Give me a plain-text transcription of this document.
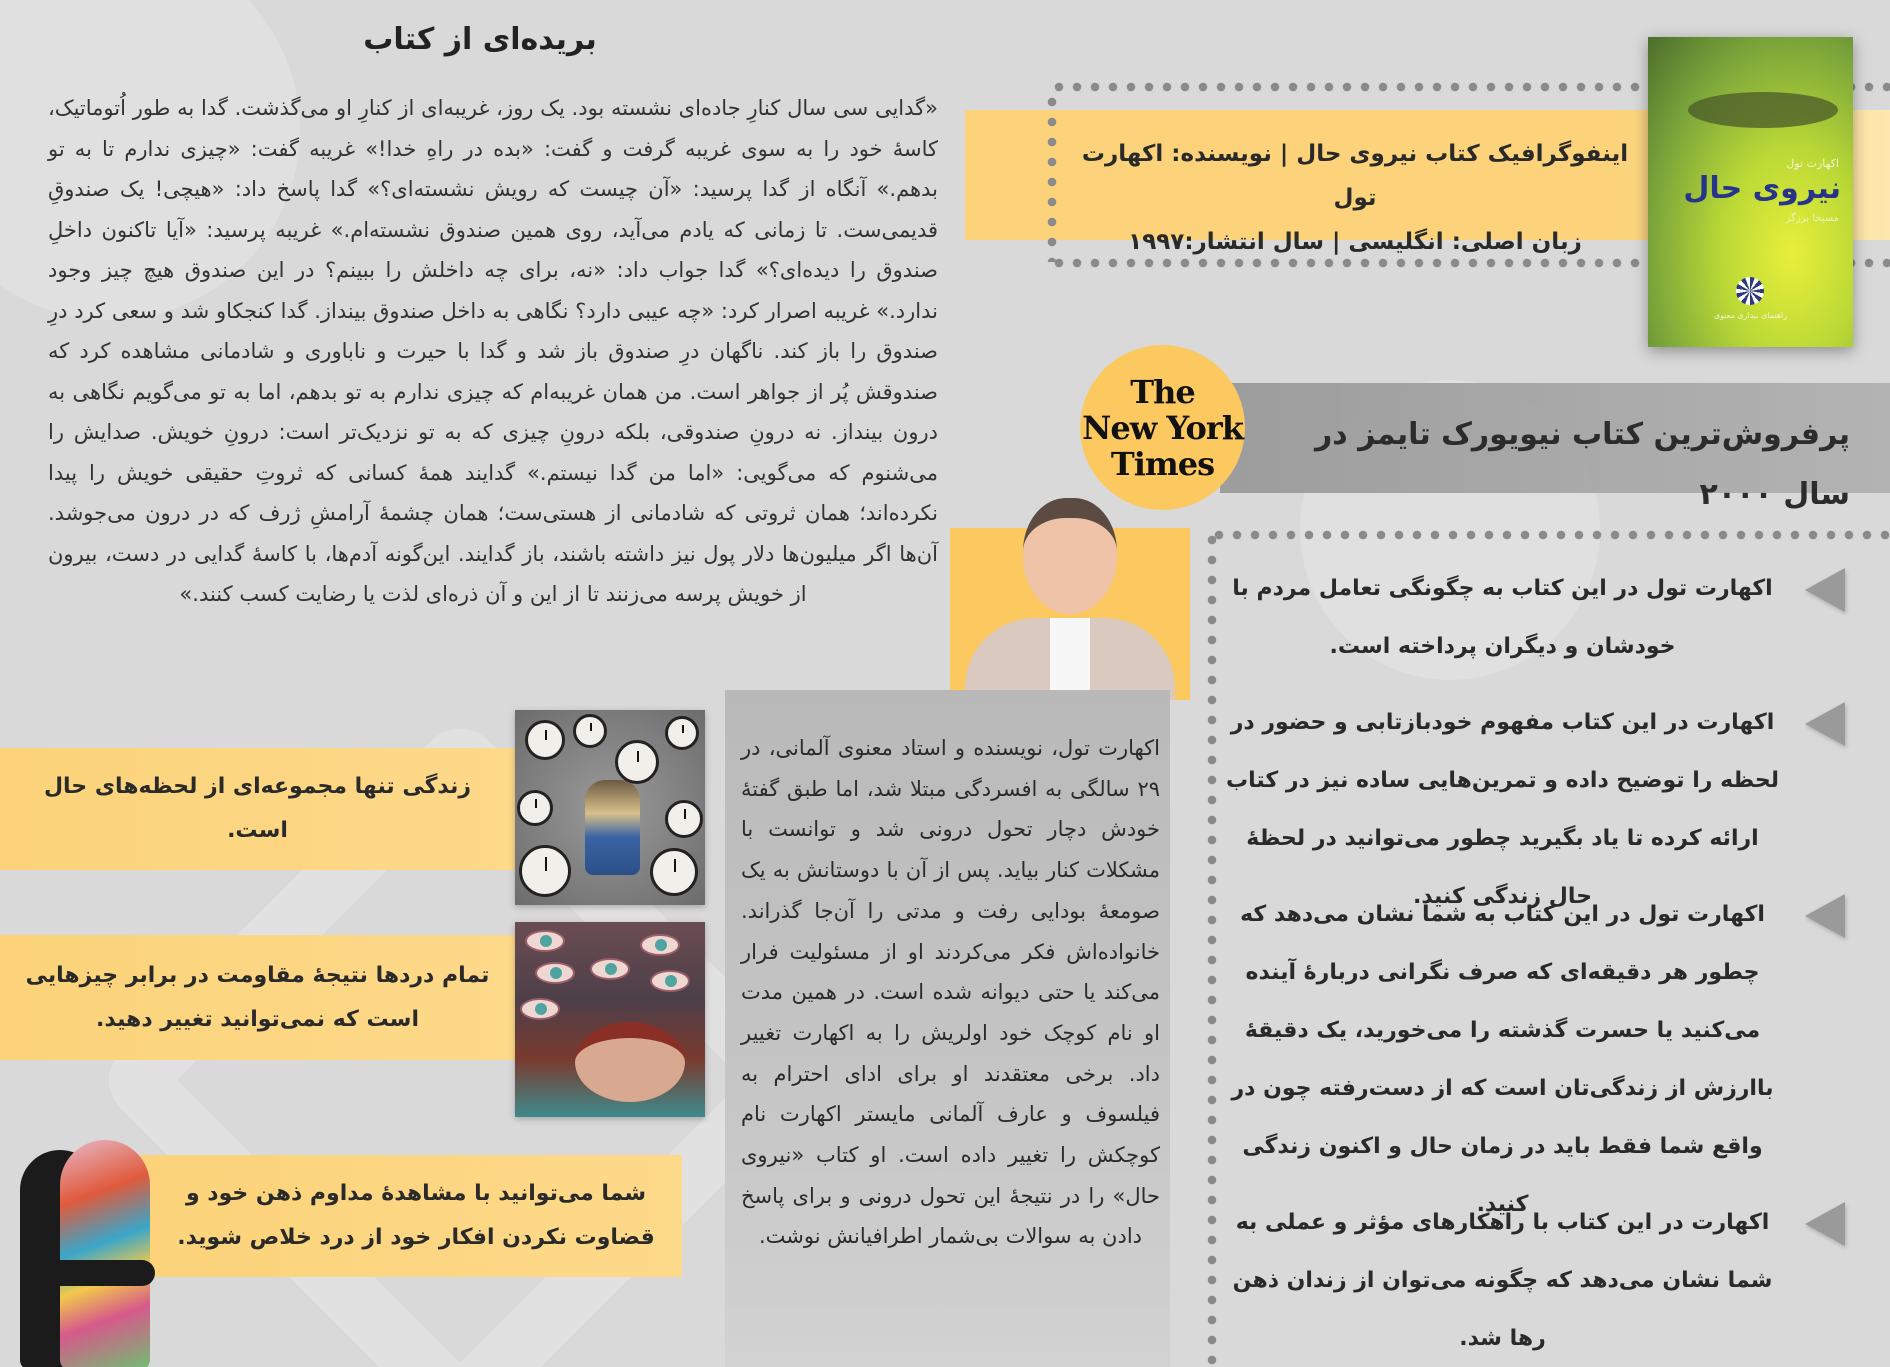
بریده‌ای از کتاب
«گدایی سی سال کنارِ جاده‌ای نشسته بود. یک روز، غریبه‌ای از کنارِ او می‌گذشت. گدا به طور اُتوماتیک، کاسهٔ خود را به سوی غریبه گرفت و گفت: «بده در راهِ خدا!» غریبه گفت: «چیزی ندارم تا به تو بدهم.» آنگاه از گدا پرسید: «آن چیست که رویش نشسته‌ای؟» گدا پاسخ داد: «هیچی! یک صندوقِ قدیمی‌ست. تا زمانی که یادم می‌آید، روی همین صندوق نشسته‌ام.» غریبه پرسید: «آیا تاکنون داخلِ صندوق را دیده‌ای؟» گدا جواب داد: «نه، برای چه داخلش را ببینم؟ در این صندوق هیچ چیز وجود ندارد.» غریبه اصرار کرد: «چه عیبی دارد؟ نگاهی به داخل صندوق بینداز. گدا کنجکاو شد و سعی کرد درِ صندوق را باز کند. ناگهان درِ صندوق باز شد و گدا با حیرت و ناباوری و شادمانی مشاهده کرد که صندوقش پُر از جواهر است. من همان غریبه‌ام که چیزی ندارم به تو بدهم، اما به تو می‌گویم نگاهی به درون بینداز. نه درونِ صندوقی، بلکه درونِ چیزی که به تو نزدیک‌تر است: درونِ خویش. صدایش را می‌شنوم که می‌گویی: «اما من گدا نیستم.» گدایند همهٔ کسانی که ثروتِ حقیقی خویش را پیدا نکرده‌اند؛ همان ثروتی که شادمانی از هستی‌ست؛ همان چشمهٔ آرامشِ ژرف که در درون می‌جوشد. آن‌ها اگر میلیون‌ها دلار پول نیز داشته باشند، باز گدایند. این‌گونه آدم‌ها، با کاسهٔ گدایی در دست، بیرون از خویش پرسه می‌زنند تا از این و آن ذره‌ای لذت یا رضایت کسب کنند.»
اینفوگرافیک کتاب نیروی حال | نویسنده: اکهارت تول
زبان اصلی: انگلیسی | سال انتشار:۱۹۹۷
اکهارت تول
نیروی حال
مسیحا برزگر
راهنمای بیداری معنوی
پرفروش‌ترین کتاب نیویورک تایمز در سال ۲۰۰۰
The
New York
Times

اکهارت تول، نویسنده و استاد معنوی آلمانی، در ۲۹ سالگی به افسردگی مبتلا شد، اما طبق گفتهٔ خودش دچار تحول درونی شد و توانست با مشکلات کنار بیاید. پس از آن با دوستانش به یک صومعهٔ بودایی رفت و مدتی را آن‌جا گذراند. خانواده‌اش فکر می‌کردند او از مسئولیت فرار می‌کند یا حتی دیوانه شده است. در همین مدت او نام کوچک خود اولریش را به اکهارت تغییر داد. برخی معتقدند او برای ادای احترام به فیلسوف و عارف آلمانی مایستر اکهارت نام کوچکش را تغییر داده است. او کتاب «نیروی حال» را در نتیجهٔ این تحول درونی و برای پاسخ دادن به سوالات بی‌شمار اطرافیانش نوشت.

اکهارت تول در این کتاب به چگونگی تعامل مردم با خودشان و دیگران پرداخته است.
اکهارت در این کتاب مفهوم خودبازتابی و حضور در لحظه را توضیح داده و تمرین‌هایی ساده نیز در کتاب ارائه کرده تا یاد بگیرید چطور می‌توانید در لحظهٔ حال زندگی کنید.
اکهارت تول در این کتاب به شما نشان می‌دهد که چطور هر دقیقه‌ای که صرف نگرانی دربارهٔ آینده می‌کنید یا حسرت گذشته را می‌خورید، یک دقیقهٔ باارزش از زندگی‌تان است که از دست‌رفته چون در واقع شما فقط باید در زمان حال و اکنون زندگی کنید.
اکهارت در این کتاب با راهکارهای مؤثر و عملی به شما نشان می‌دهد که چگونه می‌توان از زندان ذهن رها شد.
زندگی تنها مجموعه‌ای از لحظه‌های حال است.
تمام دردها نتیجهٔ مقاومت در برابر چیزهایی است که نمی‌توانید تغییر دهید.
شما می‌توانید با مشاهدهٔ مداوم ذهن خود و قضاوت نکردن افکار خود از درد خلاص شوید.
